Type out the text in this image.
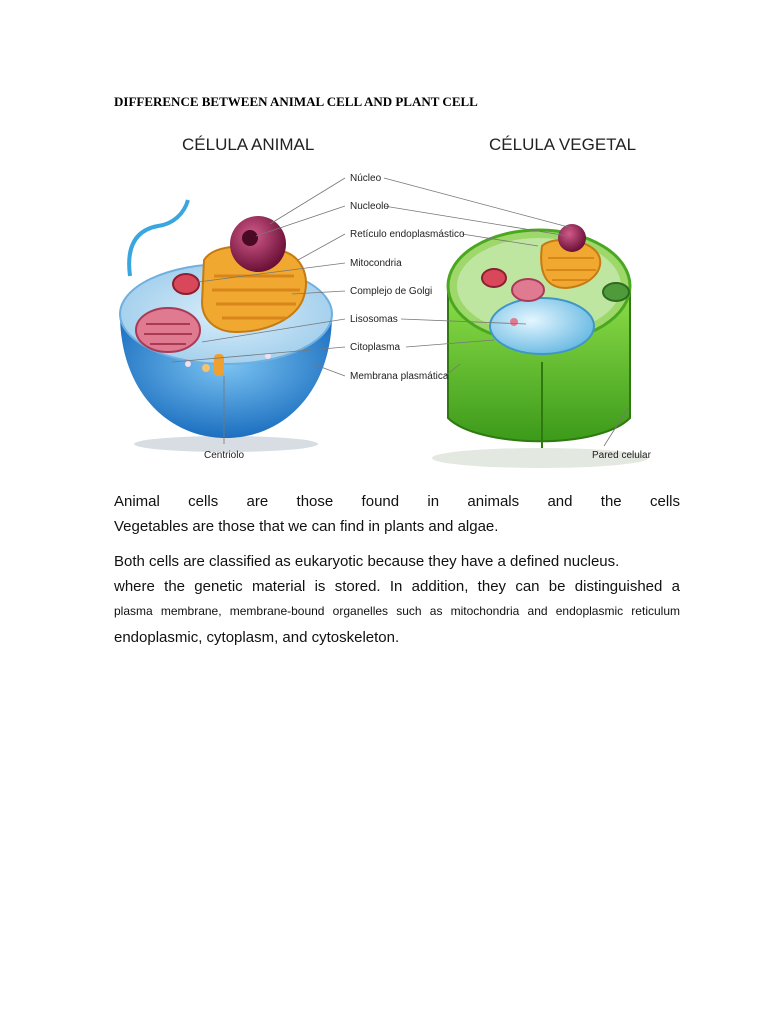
DIFFERENCE BETWEEN ANIMAL CELL AND PLANT CELL
CÉLULA ANIMAL	CÉLULA VEGETAL
Núcleo
Nucleolo
Retículo endoplasmástico
Mitocondria
Complejo de Golgi
Lisosomas
Citoplasma
Membrana plasmática
Centriolo	Pared celular
Animal cells are those found in animals and the cells
Vegetables are those that we can find in plants and algae.
Both cells are classified as eukaryotic because they have a defined nucleus.
where the genetic material is stored. In addition, they can be distinguished a
plasma membrane, membrane-bound organelles such as mitochondria and endoplasmic reticulum
endoplasmic, cytoplasm, and cytoskeleton.
